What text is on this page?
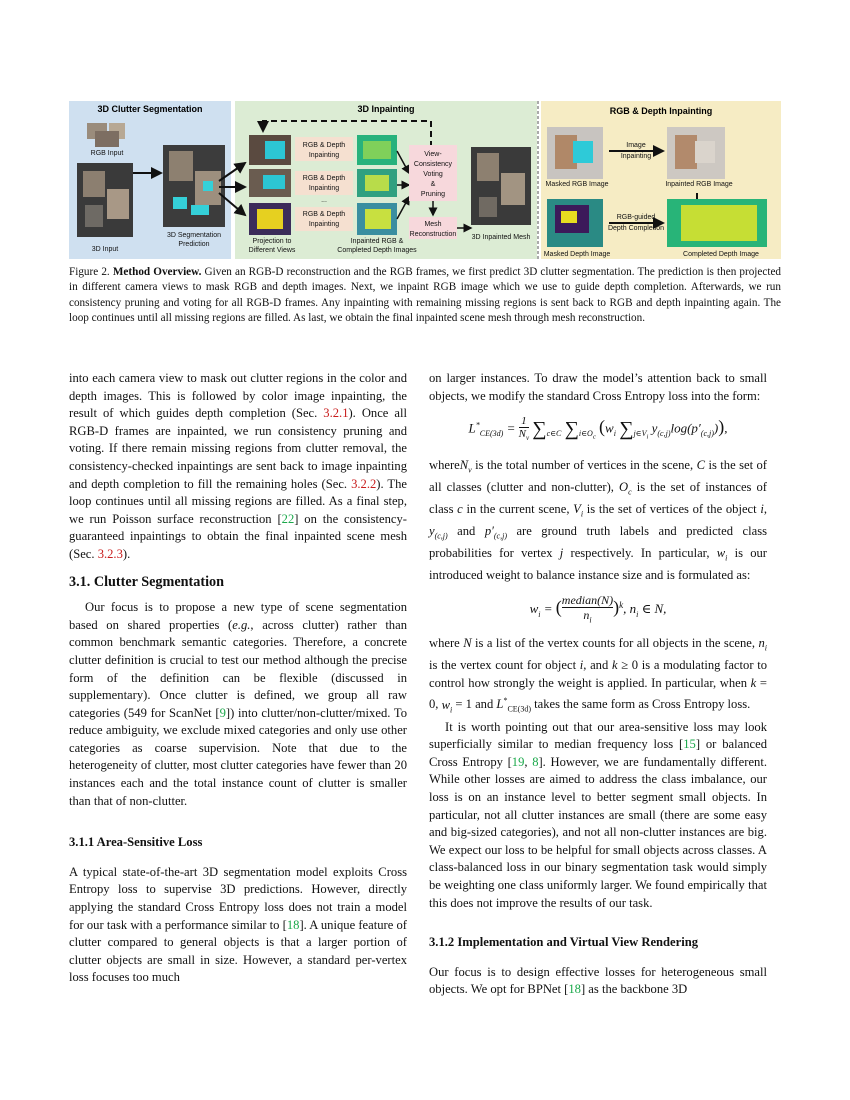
3D Clutter Segmentation	3D Inpainting	RGB & Depth Inpainting
RGB Input
3D Input
3D Segmentation
Prediction	Projection to
Different Views
RGB & Depth
Inpainting
RGB & Depth
Inpainting
...
RGB & Depth
Inpainting
Inpainted RGB &
Completed Depth Images
View-
Consistency
Voting
&
Pruning
Mesh
Reconstruction 3D Inpainted Mesh
Masked RGB Image
Image
Inpainting
Inpainted RGB Image
Masked Depth Image
RGB-guided
Depth Completion
Completed Depth Image
Figure 2. Method Overview. Given an RGB-D reconstruction and the RGB frames, we first predict 3D clutter segmentation. The prediction is then projected in different camera views to mask RGB and depth images. Next, we inpaint RGB image which we use to guide depth completion. Afterwards, we run consistency pruning and voting for all RGB-D frames. Any inpainting with remaining missing regions is sent back to RGB and depth inpainting again. The loop continues until all missing regions are filled. As last, we obtain the final inpainted scene mesh through mesh reconstruction.

into each camera view to mask out clutter regions in the color and depth images. This is followed by color image inpainting, the result of which guides depth completion (Sec. 3.2.1). Once all RGB-D frames are inpainted, we run consistency pruning and voting. If there remain missing regions from clutter removal, the consistency-checked inpaintings are sent back to image inpainting and depth completion to fill the remaining holes (Sec. 3.2.2). The loop continues until all missing regions are filled. As a final step, we run Poisson surface reconstruction [22] on the consistency-guaranteed inpaintings to obtain the final inpainted scene mesh (Sec. 3.2.3).

3.1. Clutter Segmentation

Our focus is to propose a new type of scene segmentation based on shared properties (e.g., across clutter) rather than common benchmark semantic categories. Therefore, a concrete clutter definition is crucial to test our method although the precise form of the definition can be flexible (discussed in supplementary). Once clutter is defined, we group all raw categories (549 for ScanNet [9]) into clutter/non-clutter/mixed. To reduce ambiguity, we exclude mixed categories and only use other categories as coarse supervision. Note that due to the heterogeneity of clutter, most clutter categories have fewer than 20 instances each and the total instance count of clutter is smaller than that of non-clutter.

3.1.1 Area-Sensitive Loss

A typical state-of-the-art 3D segmentation model exploits Cross Entropy loss to supervise 3D predictions. However, directly applying the standard Cross Entropy loss does not train a model for our task with a performance similar to [18]. A unique feature of clutter compared to general objects is that a larger portion of clutter objects are small in size. However, a standard per-vertex loss focuses too much

on larger instances. To draw the model’s attention back to small objects, we modify the standard Cross Entropy loss into the form:

$L^*_{CE(3d)} = 1$

$N_v$ $\sum_{c\in C}$ $\sum_{i\in O_c}$ ($w_i$ $\sum_{j\in V_i}$ $y_{(c,j)}\log(p'_{(c,j)})$),

whereN$_v$ is the total number of vertices in the scene, C is the set of all classes (clutter and non-clutter), $O_c$ is the set of instances of class c in the current scene, $V_i$ is the set of vertices of the object i, $y_{(c,j)}$ and $p'_{(c,j)}$ are ground truth labels and predicted class probabilities for vertex j respectively. In particular, $w_i$ is our introduced weight to balance instance size and is formulated as:

$w_i$ = (median(N)

$n_i$
)$^k$, $n_i$ ∈ N,

where N is a list of the vertex counts for all objects in the scene, $n_i$ is the vertex count for object i, and k ≥ 0 is a modulating factor to control how strongly the weight is applied. In particular, when k = 0, $w_i = 1$ and $L^*_{CE(3d)}$ takes the same form as Cross Entropy loss.

It is worth pointing out that our area-sensitive loss may look superficially similar to median frequency loss [15] or balanced Cross Entropy [19, 8]. However, we are fundamentally different. While other losses are aimed to address the class imbalance, our loss is on an instance level to better segment small objects. In particular, not all clutter instances are small (there are some easy and big-sized categories), and not all non-clutter instances are big. We expect our loss to be helpful for small objects across classes. A class-balanced loss in our binary segmentation task would simply be weighting one class uniformly larger. We found empirically that this does not improve the results of our task.

3.1.2 Implementation and Virtual View Rendering

Our focus is to design effective losses for heterogeneous small objects. We opt for BPNet [18] as the backbone 3D
